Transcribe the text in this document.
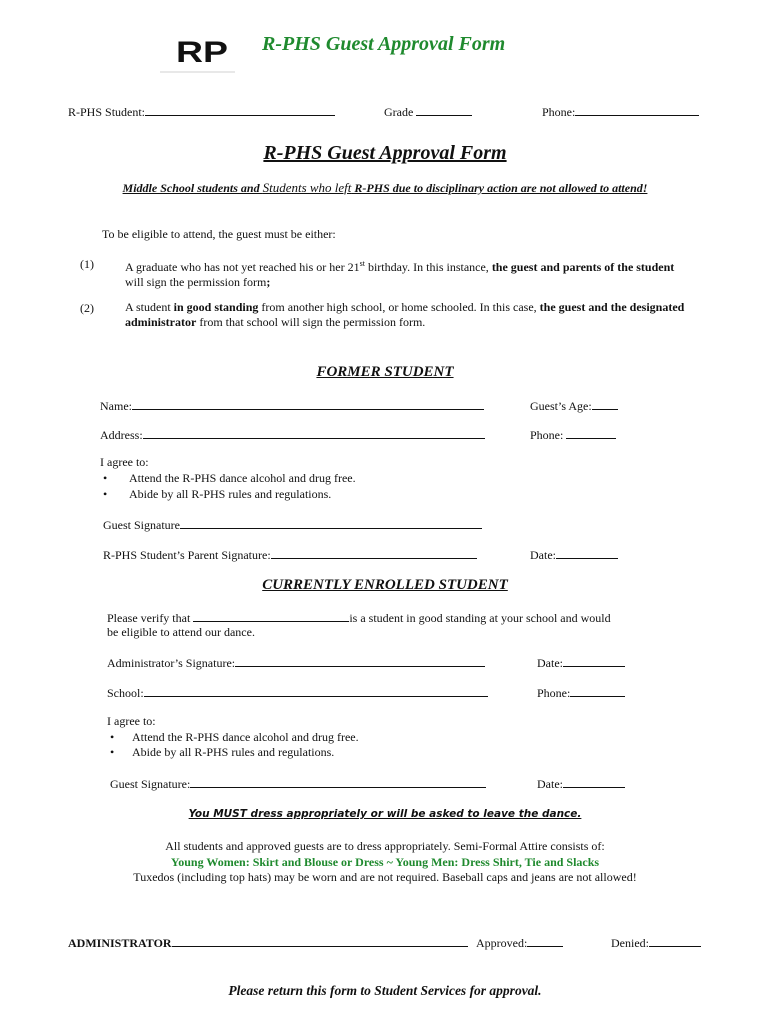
RP R-PHS Guest Approval Form
R-PHS Student:	Grade	Phone:
R-PHS Guest Approval Form
Middle School students and Students who left R-PHS due to disciplinary action are not allowed to attend!
To be eligible to attend, the guest must be either:
(1)	A graduate who has not yet reached his or her 21st birthday. In this instance, the guest and parents of the student will sign the permission form;
(2)	A student in good standing from another high school, or home schooled. In this case, the guest and the designated administrator from that school will sign the permission form.
FORMER STUDENT
Name:	Guest’s Age:
Address:	Phone:
I agree to:
• Attend the R-PHS dance alcohol and drug free.
• Abide by all R-PHS rules and regulations.
Guest Signature
R-PHS Student’s Parent Signature:	Date:
CURRENTLY ENROLLED STUDENT
Please verify that	is a student in good standing at your school and would
be eligible to attend our dance.
Administrator’s Signature:	Date:
School:	Phone:
I agree to:
• Attend the R-PHS dance alcohol and drug free.
• Abide by all R-PHS rules and regulations.
Guest Signature:	Date:
You MUST dress appropriately or will be asked to leave the dance.
All students and approved guests are to dress appropriately. Semi-Formal Attire consists of:
Young Women: Skirt and Blouse or Dress ~ Young Men: Dress Shirt, Tie and Slacks
Tuxedos (including top hats) may be worn and are not required. Baseball caps and jeans are not allowed!
ADMINISTRATOR	Approved:	Denied:
Please return this form to Student Services for approval.
